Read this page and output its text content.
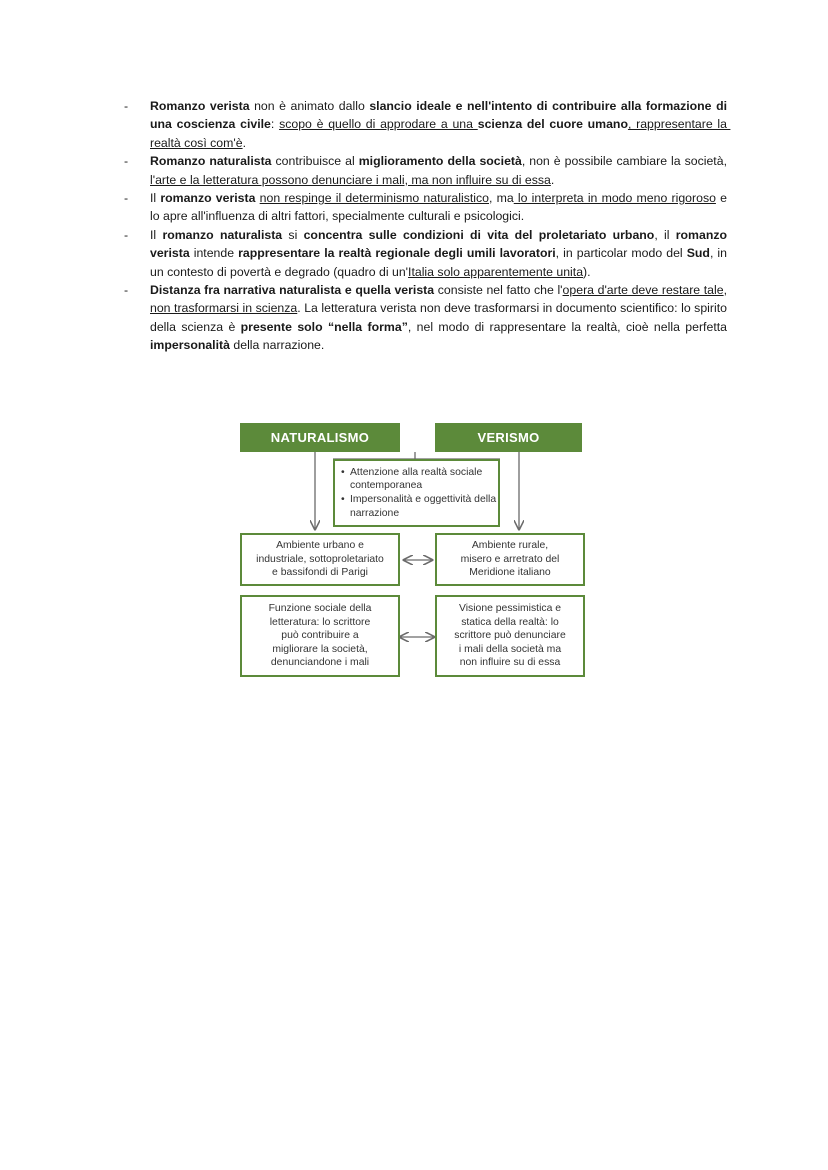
- Romanzo verista non è animato dallo slancio ideale e nell'intento di contribuire alla formazione di una coscienza civile: scopo è quello di approdare a una scienza del cuore umano, rappresentare la realtà così com'è.
- Romanzo naturalista contribuisce al miglioramento della società, non è possibile cambiare la società, l'arte e la letteratura possono denunciare i mali, ma non influire su di essa.
- Il romanzo verista non respinge il determinismo naturalistico, ma lo interpreta in modo meno rigoroso e lo apre all'influenza di altri fattori, specialmente culturali e psicologici.
- Il romanzo naturalista si concentra sulle condizioni di vita del proletariato urbano, il romanzo verista intende rappresentare la realtà regionale degli umili lavoratori, in particolar modo del Sud, in un contesto di povertà e degrado (quadro di un'Italia solo apparentemente unita).
- Distanza fra narrativa naturalista e quella verista consiste nel fatto che l'opera d'arte deve restare tale, non trasformarsi in scienza. La letteratura verista non deve trasformarsi in documento scientifico: lo spirito della scienza è presente solo “nella forma”, nel modo di rappresentare la realtà, cioè nella perfetta impersonalità della narrazione.
NATURALISMO	VERISMO
• Attenzione alla realtà sociale contemporanea
• Impersonalità e oggettività della narrazione
Ambiente urbano e
industriale, sottoproletariato
e bassifondi di Parigi
Ambiente rurale,
misero e arretrato del
Meridione italiano
Funzione sociale della
letteratura: lo scrittore
può contribuire a
migliorare la società,
denunciandone i mali
Visione pessimistica e
statica della realtà: lo
scrittore può denunciare
i mali della società ma
non influire su di essa
